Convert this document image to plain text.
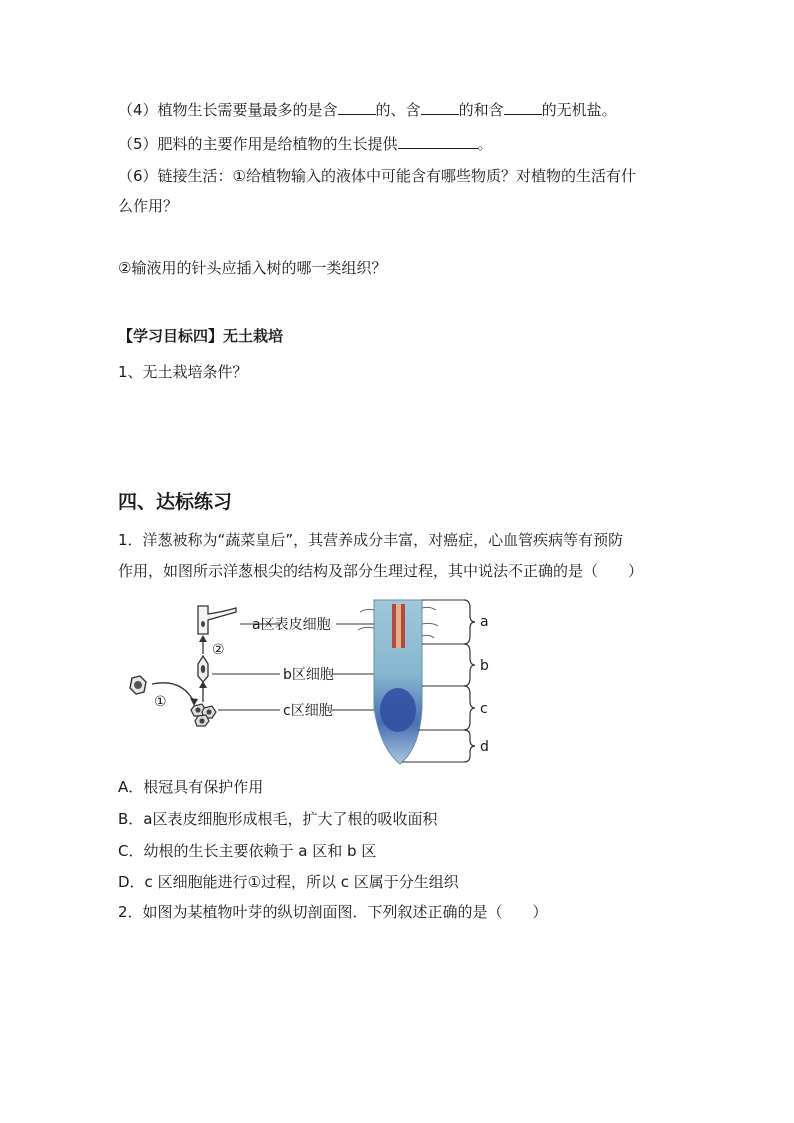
（4）植物生长需要量最多的是含	的、含	的和含	的无机盐。
（5）肥料的主要作用是给植物的生长提供	。
（6）链接生活：①给植物输入的液体中可能含有哪些物质？对植物的生活有什
么作用？
②输液用的针头应插入树的哪一类组织？
【学习目标四】无土栽培
1、无土栽培条件？
四、达标练习
1．洋葱被称为“蔬菜皇后”，其营养成分丰富，对癌症，心血管疾病等有预防
作用，如图所示洋葱根尖的结构及部分生理过程，其中说法不正确的是（　　）
①
②
a区表皮细胞
b区细胞
c区细胞
a
b
c
d
A．根冠具有保护作用
B．a区表皮细胞形成根毛，扩大了根的吸收面积
C．幼根的生长主要依赖于 a 区和 b 区
D．c 区细胞能进行①过程，所以 c 区属于分生组织
2．如图为某植物叶芽的纵切剖面图．下列叙述正确的是（　　）
